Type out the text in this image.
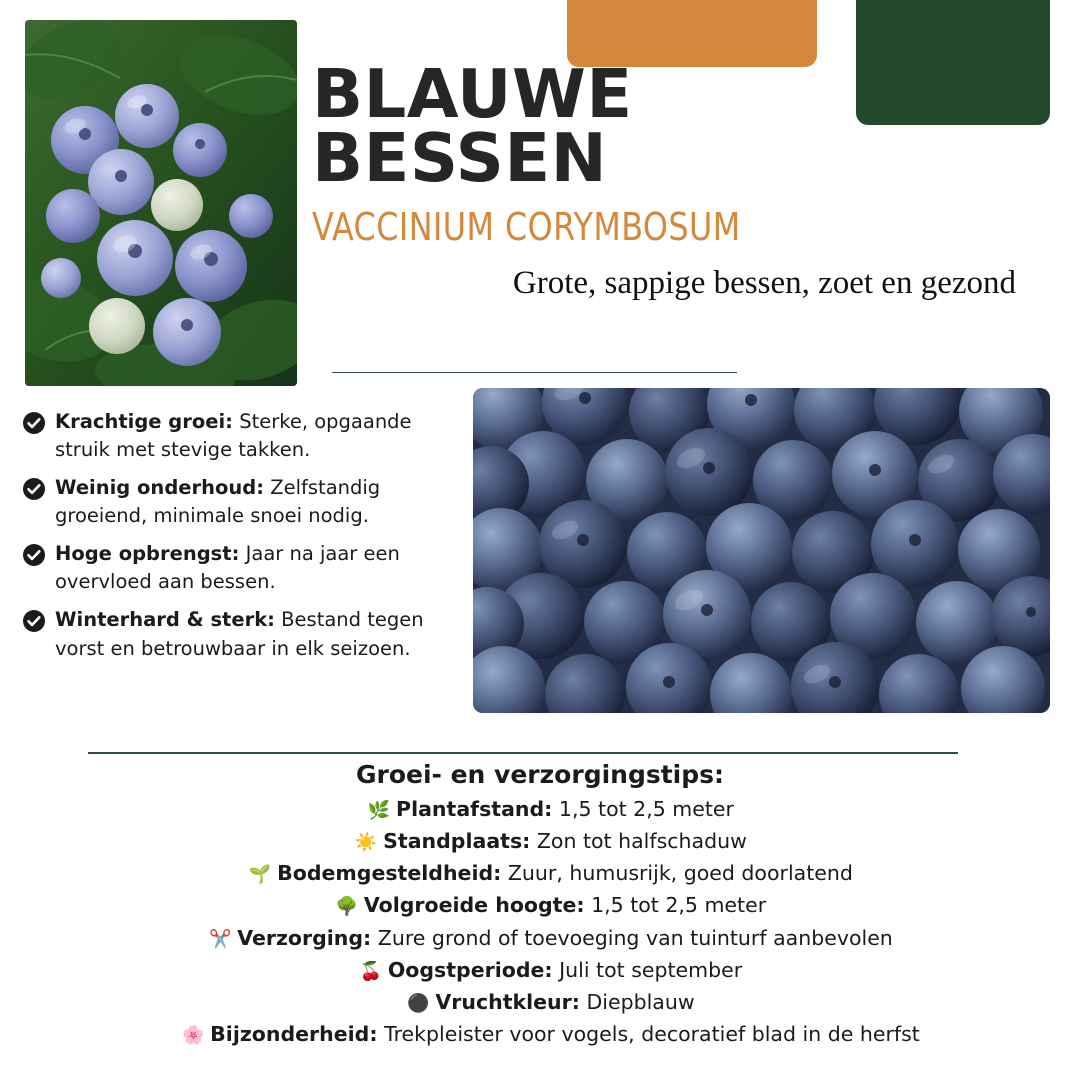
BLAUWE
BESSEN
VACCINIUM CORYMBOSUM
Grote, sappige bessen, zoet en gezond
Krachtige groei: Sterke, opgaande struik met stevige takken.
Weinig onderhoud: Zelfstandig groeiend, minimale snoei nodig.
Hoge opbrengst: Jaar na jaar een overvloed aan bessen.
Winterhard & sterk: Bestand tegen vorst en betrouwbaar in elk seizoen.
Groei- en verzorgingstips:
🌿 Plantafstand: 1,5 tot 2,5 meter
☀️ Standplaats: Zon tot halfschaduw
🌱 Bodemgesteldheid: Zuur, humusrijk, goed doorlatend
🌳 Volgroeide hoogte: 1,5 tot 2,5 meter
✂️ Verzorging: Zure grond of toevoeging van tuinturf aanbevolen
🍒 Oogstperiode: Juli tot september
⚫ Vruchtkleur: Diepblauw
🌸 Bijzonderheid: Trekpleister voor vogels, decoratief blad in de herfst
